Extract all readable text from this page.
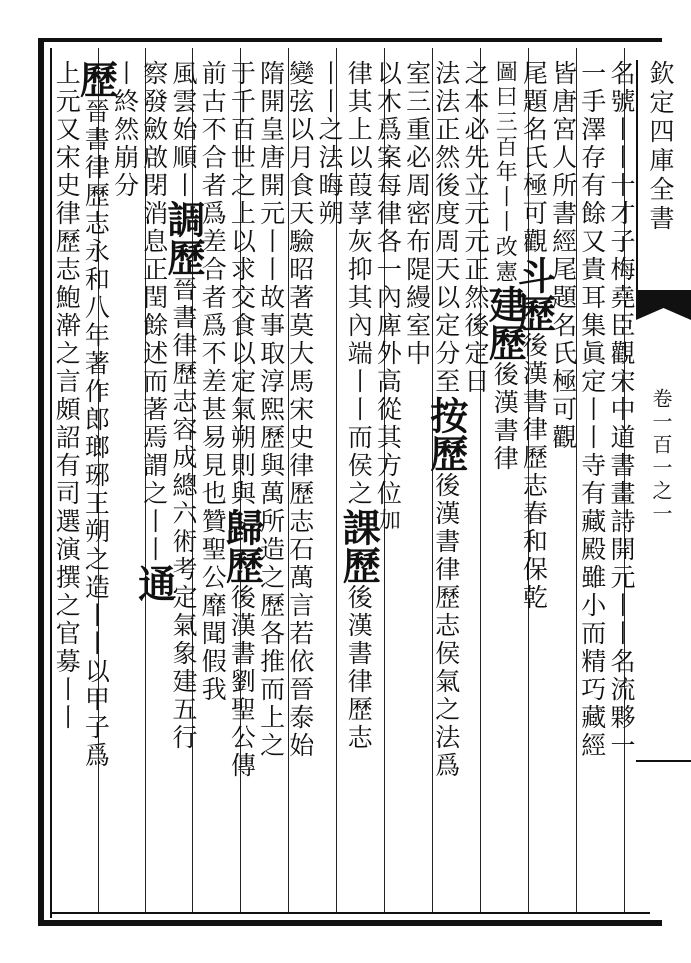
欽定四庫全書
卷一百一之一
名號丨丨十才子梅堯臣觀宋中道書畫詩開元丨丨名流夥一
一手澤存有餘又貴耳集眞定丨丨寺有藏殿雖小而精巧藏經
皆唐宮人所書經尾題名氏極可觀
尾題名氏極可觀斗歷後漢書律歷志春和保乾
圖曰三百年丨丨改憲建歷後漢書律
之本必先立元元正然後定日
法法正然後度周天以定分至按歷後漢書律歷志侯氣之法爲
室三重必周密布隄縵室中
以木爲案每律各一內庳外高從其方位加
律其上以葭莩灰抑其內端丨丨而侯之課歷後漢書律歷志
丨丨之法晦朔
變弦以月食天驗昭著莫大馬宋史律歷志石萬言若依晉泰始
隋開皇唐開元丨丨故事取淳熙歷與萬所造之歷各推而上之
于千百世之上以求交食以定氣朔則與歸歷後漢書劉聖公傳
前古不合者爲差合者爲不差甚易見也贊聖公靡聞假我
風雲始順丨調歷晉書律歷志容成總六術考定氣象建五行
察發斂啟閉消息正閏餘述而著焉謂之丨丨通
丨終然崩分
歷晉書律歷志永和八年著作郎瑯琊王朔之造丨丨以甲子爲
上元又宋史律歷志鮑澣之言頗詔有司選演撰之官募丨丨
